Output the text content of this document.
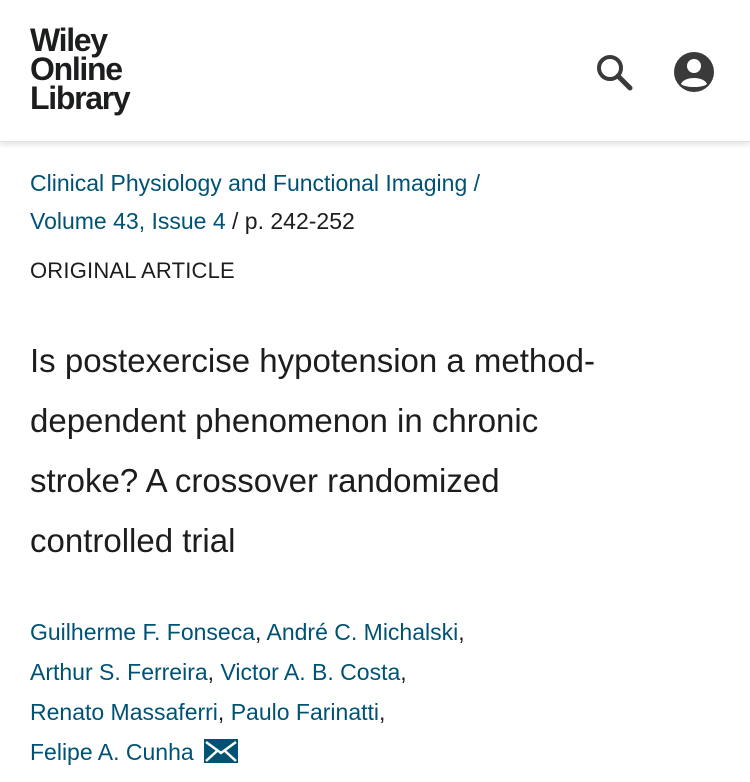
Wiley
Online
Library
Clinical Physiology and Functional Imaging /
Volume 43, Issue 4 / p. 242-252
ORIGINAL ARTICLE
Is postexercise hypotension a method-
dependent phenomenon in chronic
stroke? A crossover randomized
controlled trial
Guilherme F. Fonseca, André C. Michalski,
Arthur S. Ferreira, Victor A. B. Costa,
Renato Massaferri, Paulo Farinatti,
Felipe A. Cunha
